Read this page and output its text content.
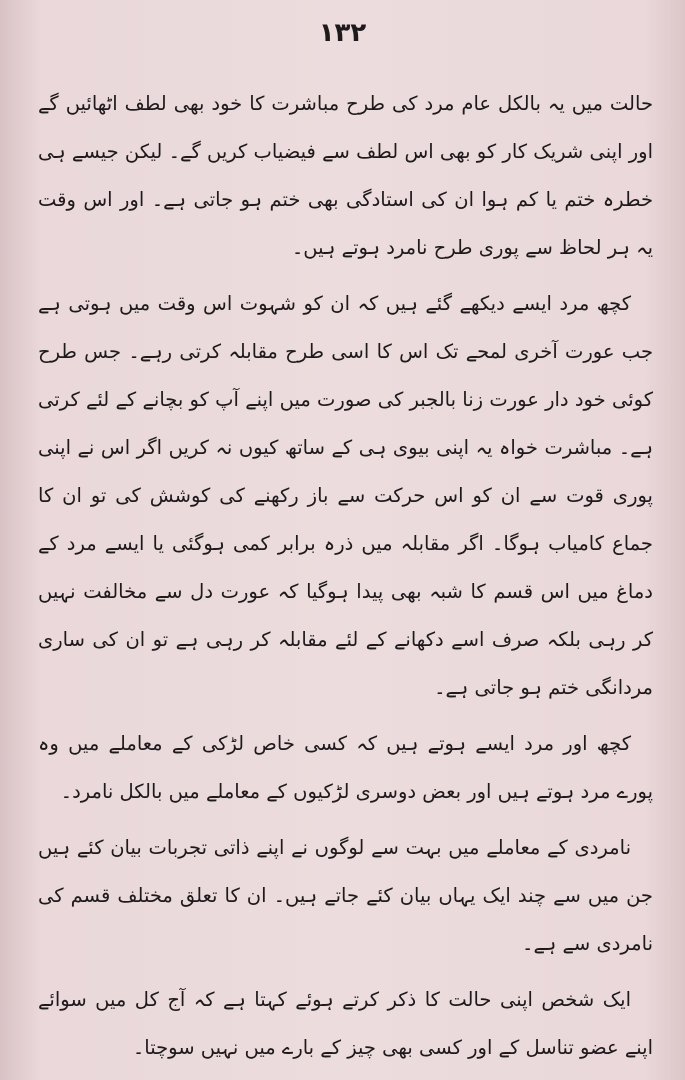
۱۳۲

حالت میں یہ بالکل عام مرد کی طرح مباشرت کا خود بھی لطف اٹھائیں گے اور اپنی شریک کار کو بھی اس لطف سے فیضیاب کریں گے۔ لیکن جیسے ہی خطرہ ختم یا کم ہوا ان کی استادگی بھی ختم ہو جاتی ہے۔ اور اس وقت یہ ہر لحاظ سے پوری طرح نامرد ہوتے ہیں۔

کچھ مرد ایسے دیکھے گئے ہیں کہ ان کو شہوت اس وقت میں ہوتی ہے جب عورت آخری لمحے تک اس کا اسی طرح مقابلہ کرتی رہے۔ جس طرح کوئی خود دار عورت زنا بالجبر کی صورت میں اپنے آپ کو بچانے کے لئے کرتی ہے۔ مباشرت خواہ یہ اپنی بیوی ہی کے ساتھ کیوں نہ کریں اگر اس نے اپنی پوری قوت سے ان کو اس حرکت سے باز رکھنے کی کوشش کی تو ان کا جماع کامیاب ہوگا۔ اگر مقابلہ میں ذرہ برابر کمی ہوگئی یا ایسے مرد کے دماغ میں اس قسم کا شبہ بھی پیدا ہوگیا کہ عورت دل سے مخالفت نہیں کر رہی بلکہ صرف اسے دکھانے کے لئے مقابلہ کر رہی ہے تو ان کی ساری مردانگی ختم ہو جاتی ہے۔

کچھ اور مرد ایسے ہوتے ہیں کہ کسی خاص لڑکی کے معاملے میں وہ پورے مرد ہوتے ہیں اور بعض دوسری لڑکیوں کے معاملے میں بالکل نامرد۔

نامردی کے معاملے میں بہت سے لوگوں نے اپنے ذاتی تجربات بیان کئے ہیں جن میں سے چند ایک یہاں بیان کئے جاتے ہیں۔ ان کا تعلق مختلف قسم کی نامردی سے ہے۔

ایک شخص اپنی حالت کا ذکر کرتے ہوئے کہتا ہے کہ آج کل میں سوائے اپنے عضو تناسل کے اور کسی بھی چیز کے بارے میں نہیں سوچتا۔
